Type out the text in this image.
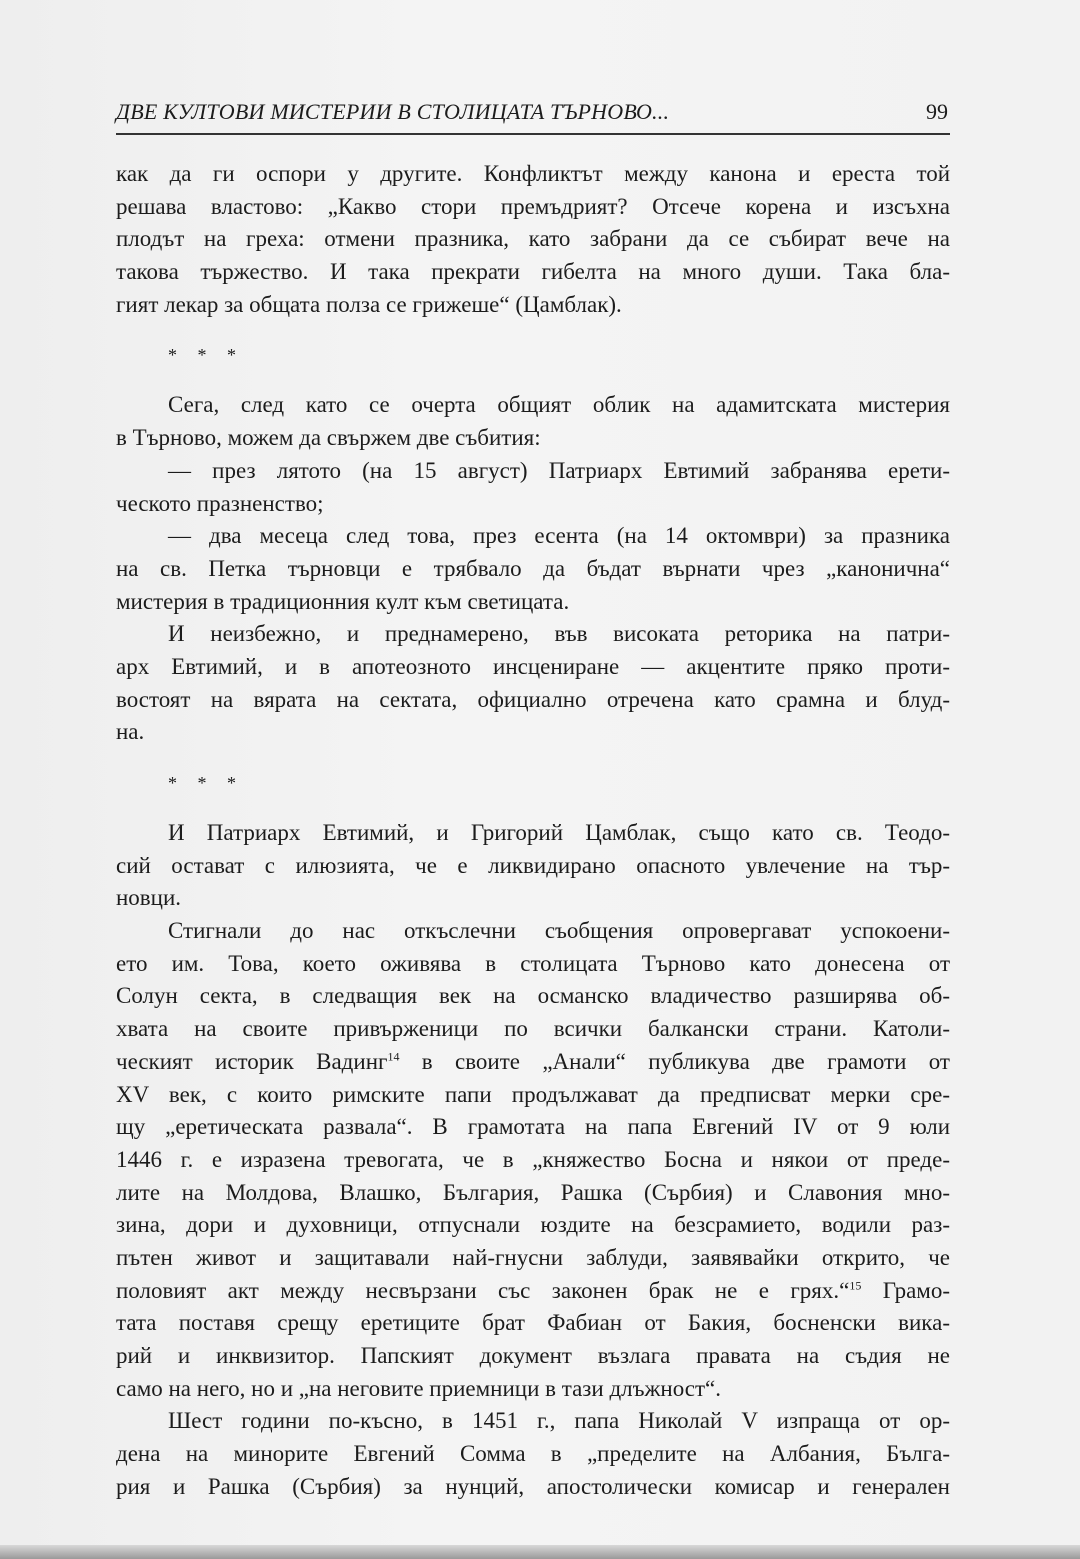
ДВЕ КУЛТОВИ МИСТЕРИИ В СТОЛИЦАТА ТЪРНОВО...	99
как да ги оспори у другите. Конфликтът между канона и ереста той
решава властово: „Какво стори премъдрият? Отсече корена и изсъхна
плодът на греха: отмени празника, като забрани да се събират вече на
такова тържество. И така прекрати гибелта на много души. Така бла-
гият лекар за общата полза се грижеше“ (Цамблак).
* * *
Сега, след като се очерта общият облик на адамитската мистерия
в Търново, можем да свържем две събития:
— през лятото (на 15 август) Патриарх Евтимий забранява ерети-
ческото празненство;
— два месеца след това, през есента (на 14 октомври) за празника
на св. Петка търновци е трябвало да бъдат върнати чрез „канонична“
мистерия в традиционния култ към светицата.
И неизбежно, и преднамерено, във високата реторика на патри-
арх Евтимий, и в апотеозното инсцениране — акцентите пряко проти-
востоят на вярата на сектата, официално отречена като срамна и блуд-
на.
* * *
И Патриарх Евтимий, и Григорий Цамблак, също като св. Теодо-
сий остават с илюзията, че е ликвидирано опасното увлечение на тър-
новци.
Стигнали до нас откъслечни съобщения опровергават успокоени-
ето им. Това, което оживява в столицата Търново като донесена от
Солун секта, в следващия век на османско владичество разширява об-
хвата на своите привърженици по всички балкански страни. Католи-
ческият историк Вадинг$^{14}$ в своите „Анали“ публикува две грамоти от
XV век, с които римските папи продължават да предписват мерки сре-
щу „еретическата развала“. В грамотата на папа Евгений IV от 9 юли
1446 г. е изразена тревогата, че в „княжество Босна и някои от преде-
лите на Молдова, Влашко, България, Рашка (Сърбия) и Славония мно-
зина, дори и духовници, отпуснали юздите на безсрамието, водили раз-
пътен живот и защитавали най-гнусни заблуди, заявявайки открито, че
половият акт между несвързани със законен брак не е грях.“$^{15}$ Грамо-
тата поставя срещу еретиците брат Фабиан от Бакия, босненски вика-
рий и инквизитор. Папският документ възлага правата на съдия не
само на него, но и „на неговите приемници в тази длъжност“.
Шест години по-късно, в 1451 г., папа Николай V изпраща от ор-
дена на минорите Евгений Сомма в „пределите на Албания, Бълга-
рия и Рашка (Сърбия) за нунций, апостолически комисар и генерален
